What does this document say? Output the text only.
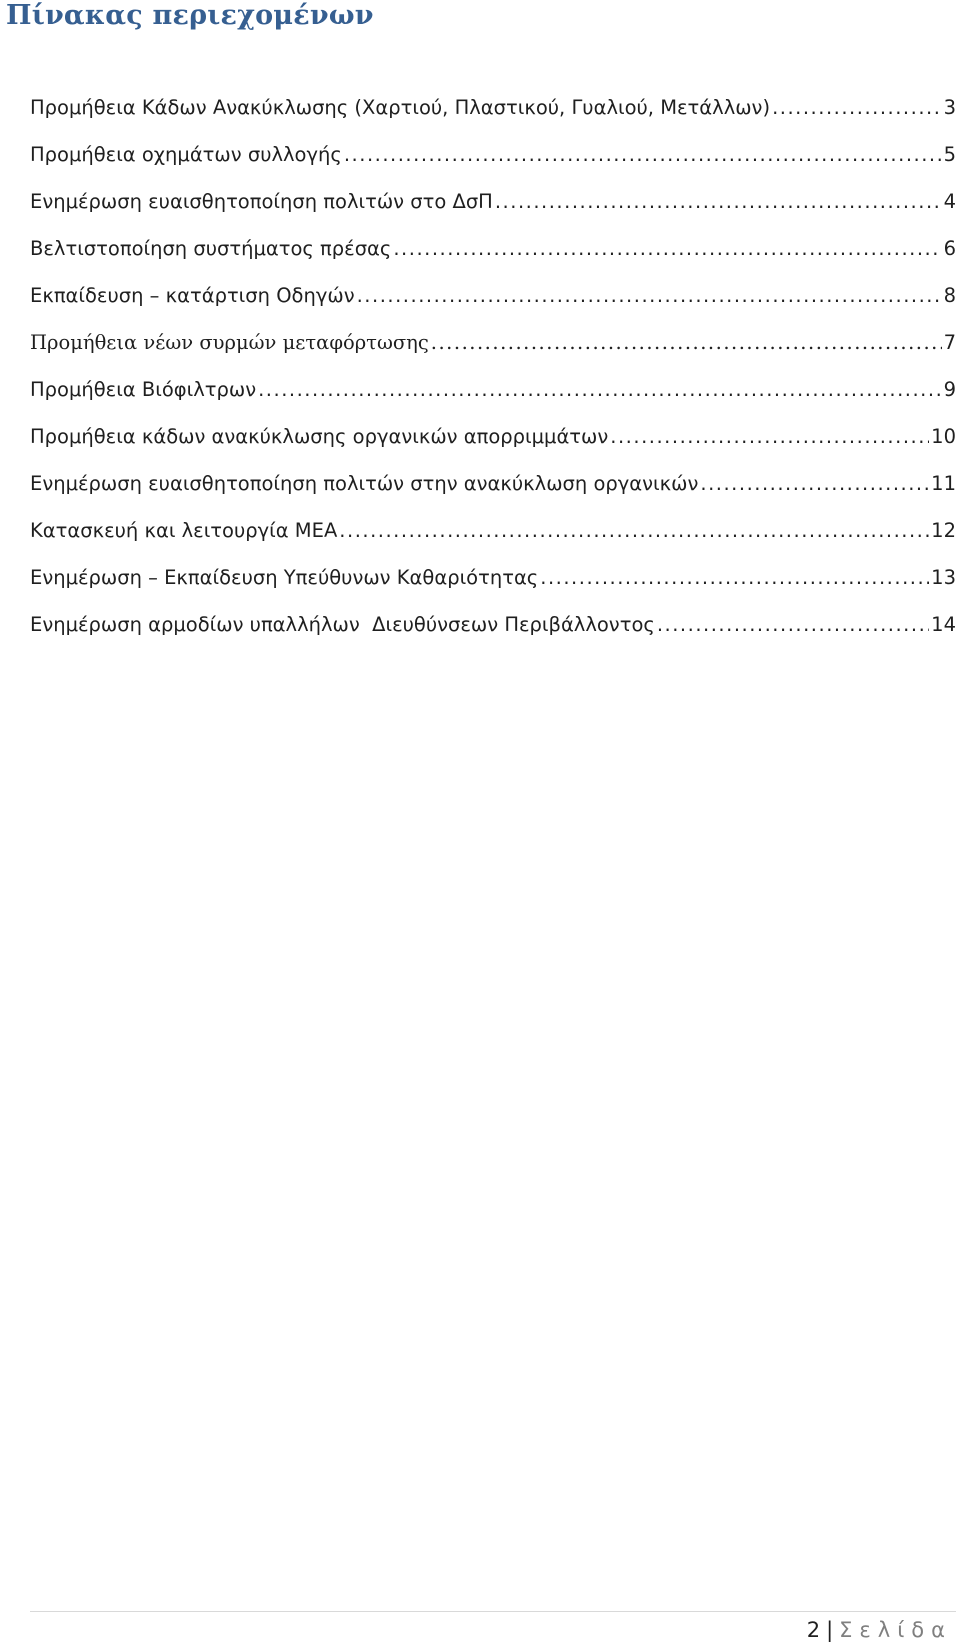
Πίνακας περιεχομένων
Προμήθεια Κάδων Ανακύκλωσης (Χαρτιού, Πλαστικού, Γυαλιού, Μετάλλων) .....	3
Προμήθεια οχημάτων συλλογής .....	5
Ενημέρωση ευαισθητοποίηση πολιτών στο ΔσΠ .....	4
Βελτιστοποίηση συστήματος πρέσας .....	6
Εκπαίδευση – κατάρτιση Οδηγών .....	8
Προμήθεια νέων συρμών μεταφόρτωσης .....	7
Προμήθεια Βιόφιλτρων .....	9
Προμήθεια κάδων ανακύκλωσης οργανικών απορριμμάτων .....	10
Ενημέρωση ευαισθητοποίηση πολιτών στην ανακύκλωση οργανικών .....	11
Κατασκευή και λειτουργία ΜΕΑ .....	12
Ενημέρωση – Εκπαίδευση Υπεύθυνων Καθαριότητας .....	13
Ενημέρωση αρμοδίων υπαλλήλων  Διευθύνσεων Περιβάλλοντος .....	14
2 | Σελίδα
